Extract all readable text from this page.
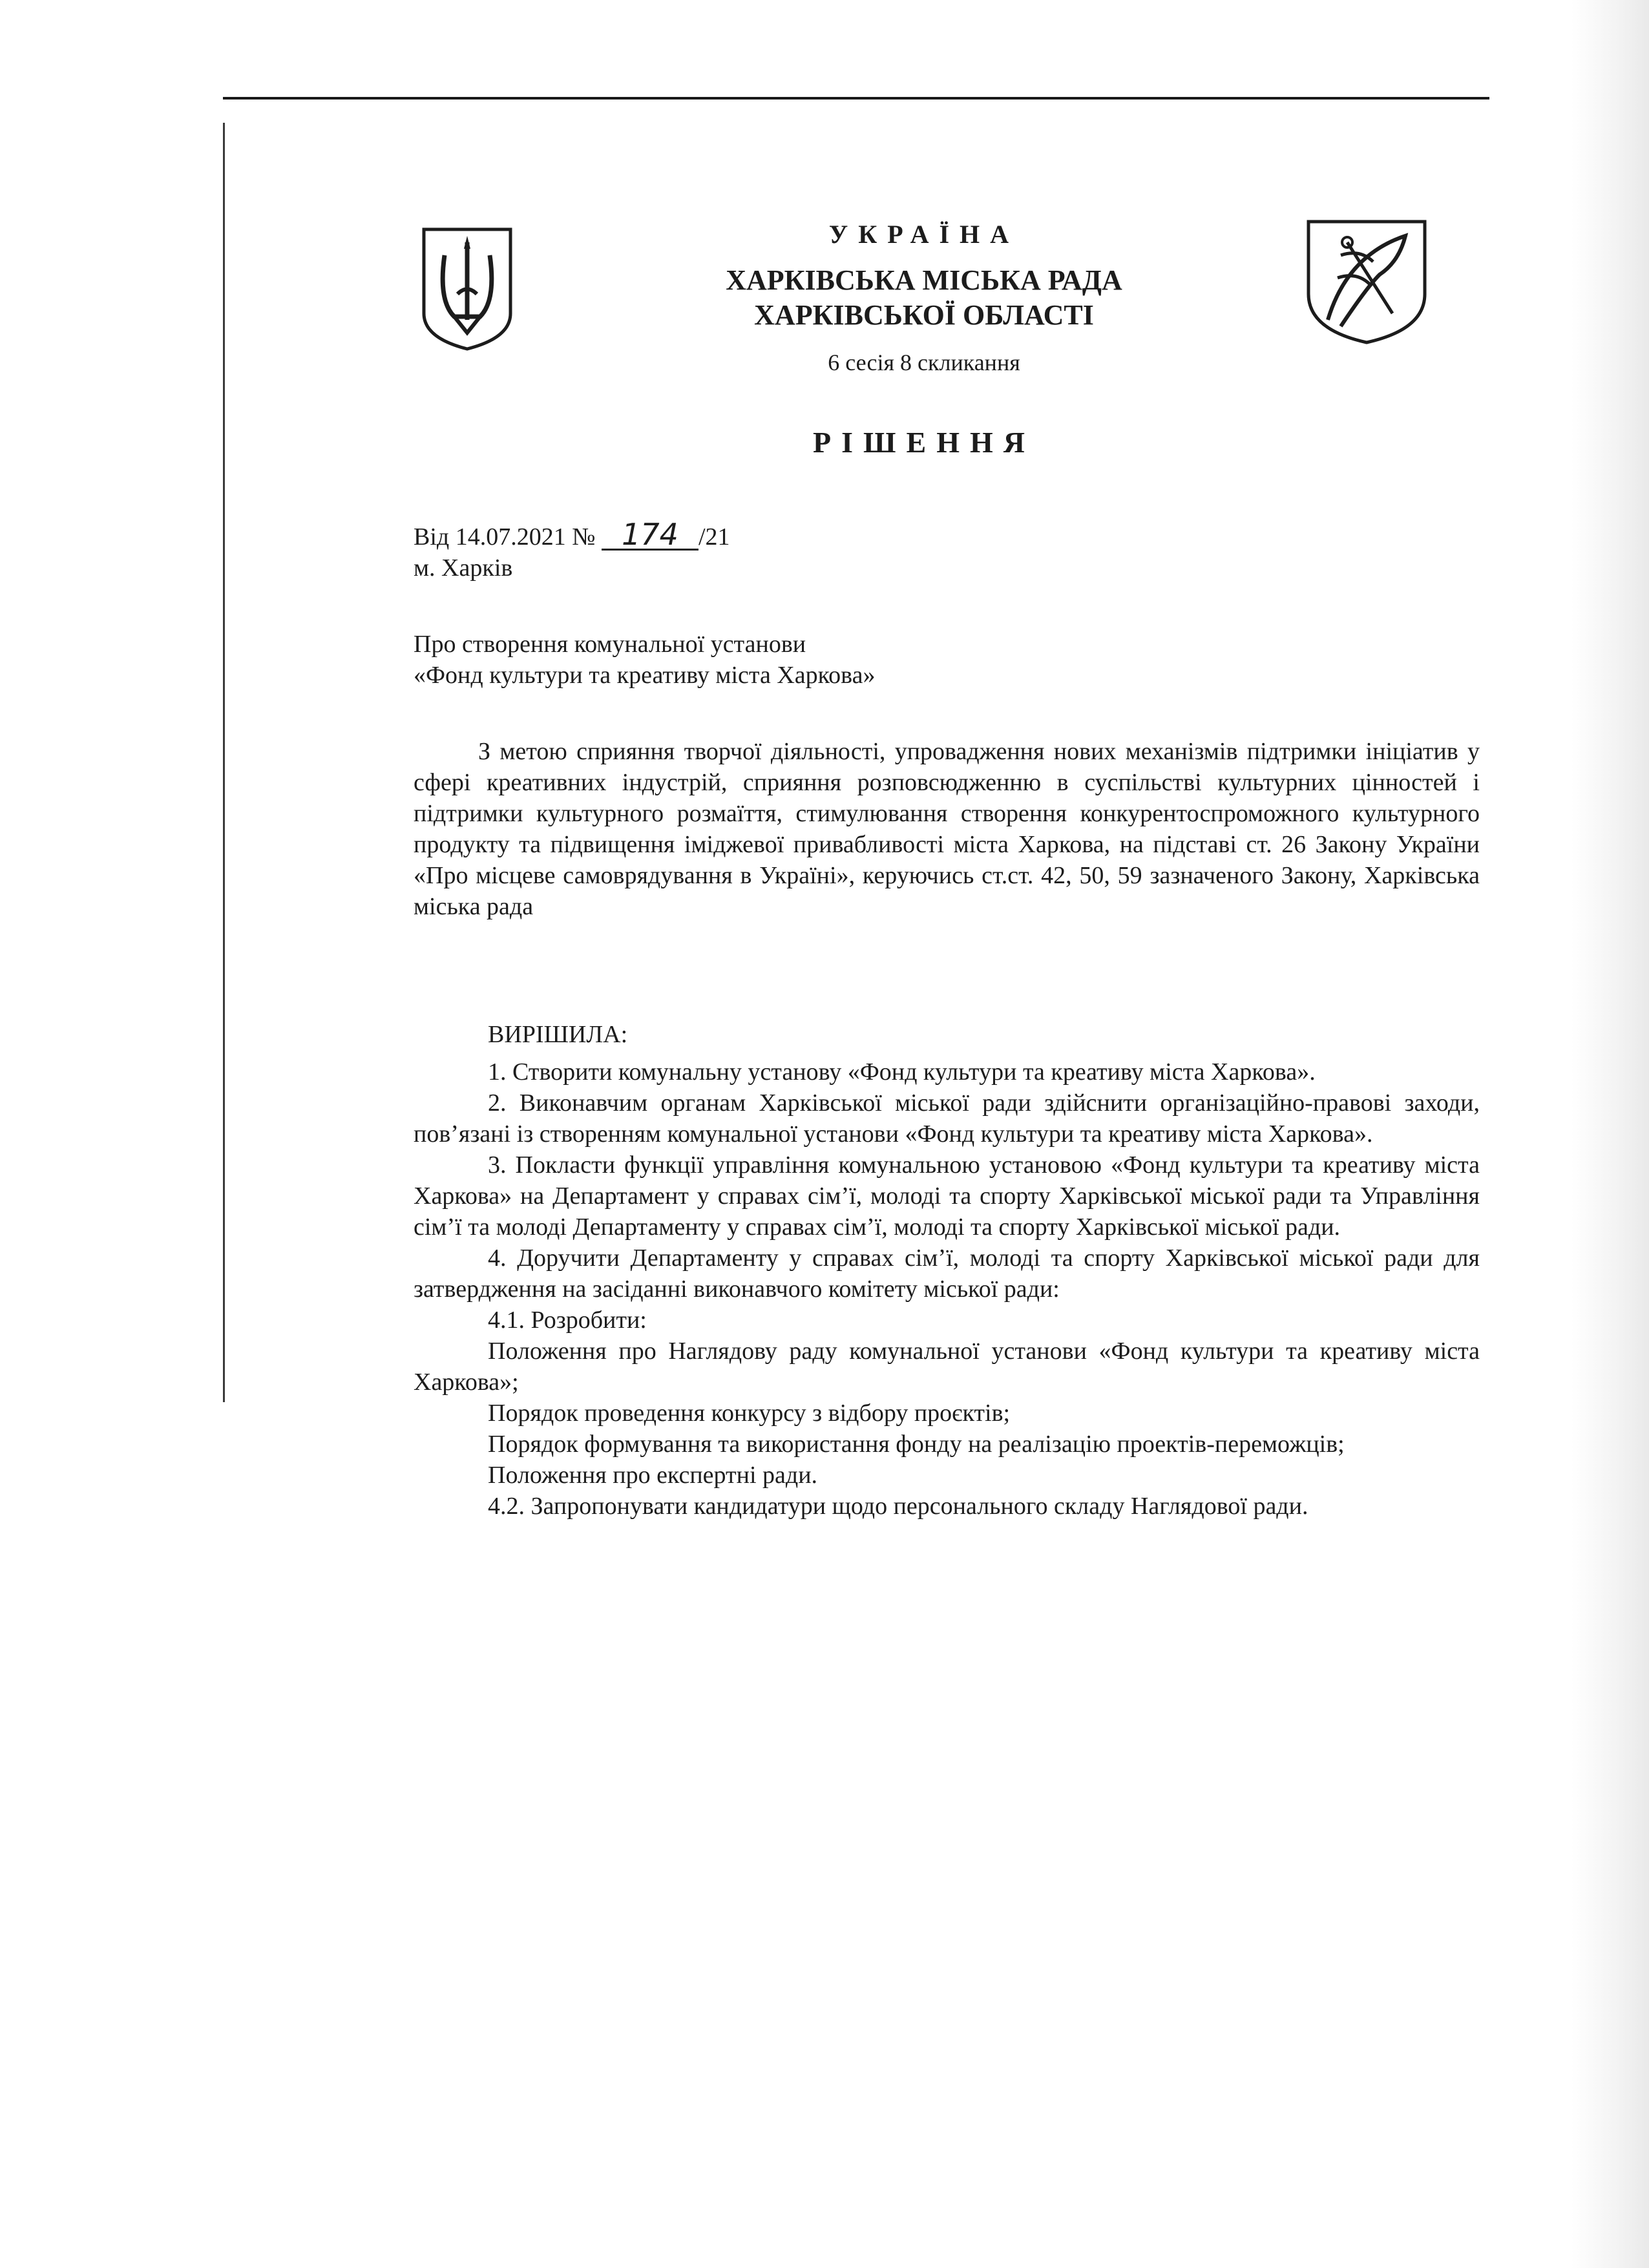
УКРАЇНА
ХАРКІВСЬКА МІСЬКА РАДА
ХАРКІВСЬКОЇ ОБЛАСТІ
6 сесія 8 скликання
РІШЕННЯ

Від 14.07.2021 № 174 /21

м. Харків

Про створення комунальної установи
«Фонд культури та креативу міста Харкова»

З метою сприяння творчої діяльності, упровадження нових механізмів підтримки ініціатив у сфері креативних індустрій, сприяння розповсюдженню в суспільстві культурних цінностей і підтримки культурного розмаїття, стимулювання створення конкурентоспроможного культурного продукту та підвищення іміджевої привабливості міста Харкова, на підставі ст. 26 Закону України «Про місцеве самоврядування в Україні», керуючись ст.ст. 42, 50, 59 зазначеного Закону, Харківська міська рада

ВИРІШИЛА:

1. Створити комунальну установу «Фонд культури та креативу міста Харкова».

2. Виконавчим органам Харківської міської ради здійснити організаційно-правові заходи, пов’язані із створенням комунальної установи «Фонд культури та креативу міста Харкова».

3. Покласти функції управління комунальною установою «Фонд культури та креативу міста Харкова» на Департамент у справах сім’ї, молоді та спорту Харківської міської ради та Управління сім’ї та молоді Департаменту у справах сім’ї, молоді та спорту Харківської міської ради.

4. Доручити Департаменту у справах сім’ї, молоді та спорту Харківської міської ради для затвердження на засіданні виконавчого комітету міської ради:

4.1. Розробити:

Положення про Наглядову раду комунальної установи «Фонд культури та креативу міста Харкова»;

Порядок проведення конкурсу з відбору проєктів;

Порядок формування та використання фонду на реалізацію проектів-переможців;

Положення про експертні ради.

4.2. Запропонувати кандидатури щодо персонального складу Наглядової ради.
